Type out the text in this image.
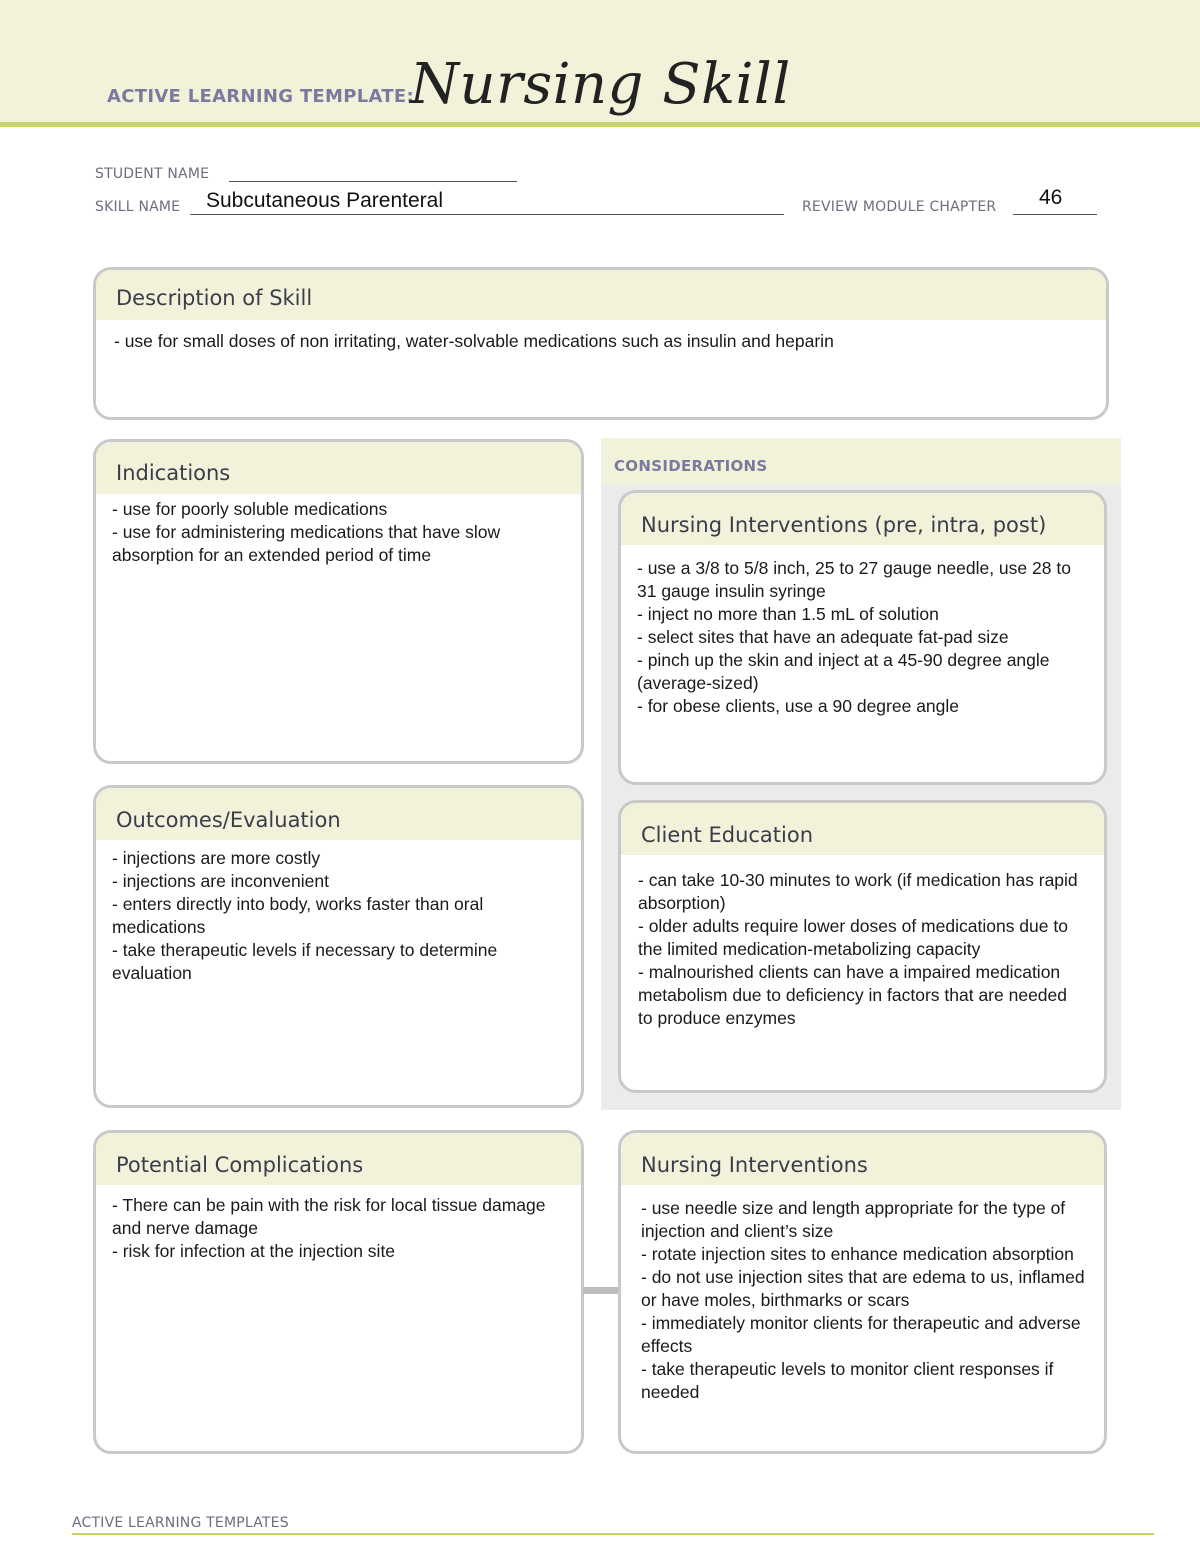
ACTIVE LEARNING TEMPLATE:
Nursing Skill
STUDENT NAME
SKILL NAME Subcutaneous Parenteral	REVIEW MODULE CHAPTER 46
Description of Skill
- use for small doses of non irritating, water-solvable medications such as insulin and heparin
CONSIDERATIONS
Indications
- use for poorly soluble medications
- use for administering medications that have slow absorption for an extended period of time
Nursing Interventions (pre, intra, post)
- use a 3/8 to 5/8 inch, 25 to 27 gauge needle, use 28 to 31 gauge insulin syringe
- inject no more than 1.5 mL of solution
- select sites that have an adequate fat-pad size
- pinch up the skin and inject at a 45-90 degree angle (average-sized)
- for obese clients, use a 90 degree angle
Outcomes/Evaluation
- injections are more costly
- injections are inconvenient
- enters directly into body, works faster than oral medications
- take therapeutic levels if necessary to determine evaluation
Client Education
- can take 10-30 minutes to work (if medication has rapid absorption)
- older adults require lower doses of medications due to the limited medication-metabolizing capacity
- malnourished clients can have a impaired medication metabolism due to deficiency in factors that are needed to produce enzymes
Potential Complications
- There can be pain with the risk for local tissue damage and nerve damage
- risk for infection at the injection site
Nursing Interventions
- use needle size and length appropriate for the type of injection and client’s size
- rotate injection sites to enhance medication absorption
- do not use injection sites that are edema to us, inflamed or have moles, birthmarks or scars
- immediately monitor clients for therapeutic and adverse effects
- take therapeutic levels to monitor client responses if needed
ACTIVE LEARNING TEMPLATES
